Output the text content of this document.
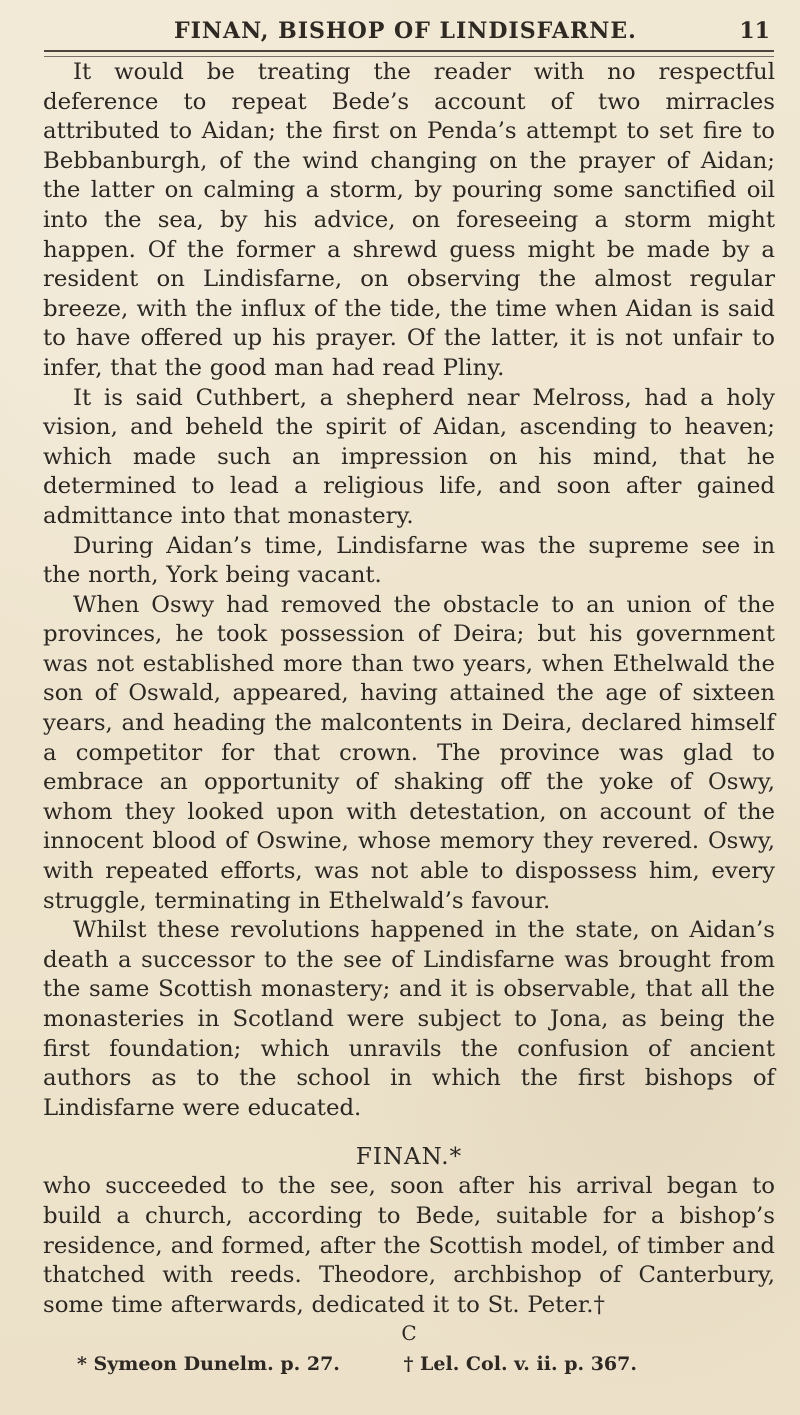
FINAN, BISHOP OF LINDISFARNE.	11

It would be treating the reader with no respectful deference to repeat Bede’s account of two mirracles attributed to Aidan; the first on Penda’s attempt to set fire to Bebbanburgh, of the wind changing on the prayer of Aidan; the latter on calming a storm, by pouring some sanctified oil into the sea, by his advice, on foreseeing a storm might happen. Of the former a shrewd guess might be made by a resident on Lindisfarne, on observing the almost regular breeze, with the influx of the tide, the time when Aidan is said to have offered up his prayer. Of the latter, it is not unfair to infer, that the good man had read Pliny.

It is said Cuthbert, a shepherd near Melross, had a holy vision, and beheld the spirit of Aidan, ascending to heaven; which made such an impression on his mind, that he determined to lead a religious life, and soon after gained admittance into that monastery.

During Aidan’s time, Lindisfarne was the supreme see in the north, York being vacant.

When Oswy had removed the obstacle to an union of the provinces, he took possession of Deira; but his government was not established more than two years, when Ethelwald the son of Oswald, appeared, having attained the age of sixteen years, and heading the malcontents in Deira, declared himself a competitor for that crown. The province was glad to embrace an opportunity of shaking off the yoke of Oswy, whom they looked upon with detestation, on account of the innocent blood of Oswine, whose memory they revered. Oswy, with repeated efforts, was not able to dispossess him, every struggle, terminating in Ethelwald’s favour.

Whilst these revolutions happened in the state, on Aidan’s death a successor to the see of Lindisfarne was brought from the same Scottish monastery; and it is observable, that all the monasteries in Scotland were subject to Jona, as being the first foundation; which unravils the confusion of ancient authors as to the school in which the first bishops of Lindisfarne were educated.

FINAN.*

who succeeded to the see, soon after his arrival began to build a church, according to Bede, suitable for a bishop’s residence, and formed, after the Scottish model, of timber and thatched with reeds. Theodore, archbishop of Canterbury, some time afterwards, dedicated it to St. Peter.†

C
* Symeon Dunelm. p. 27.	† Lel. Col. v. ii. p. 367.
